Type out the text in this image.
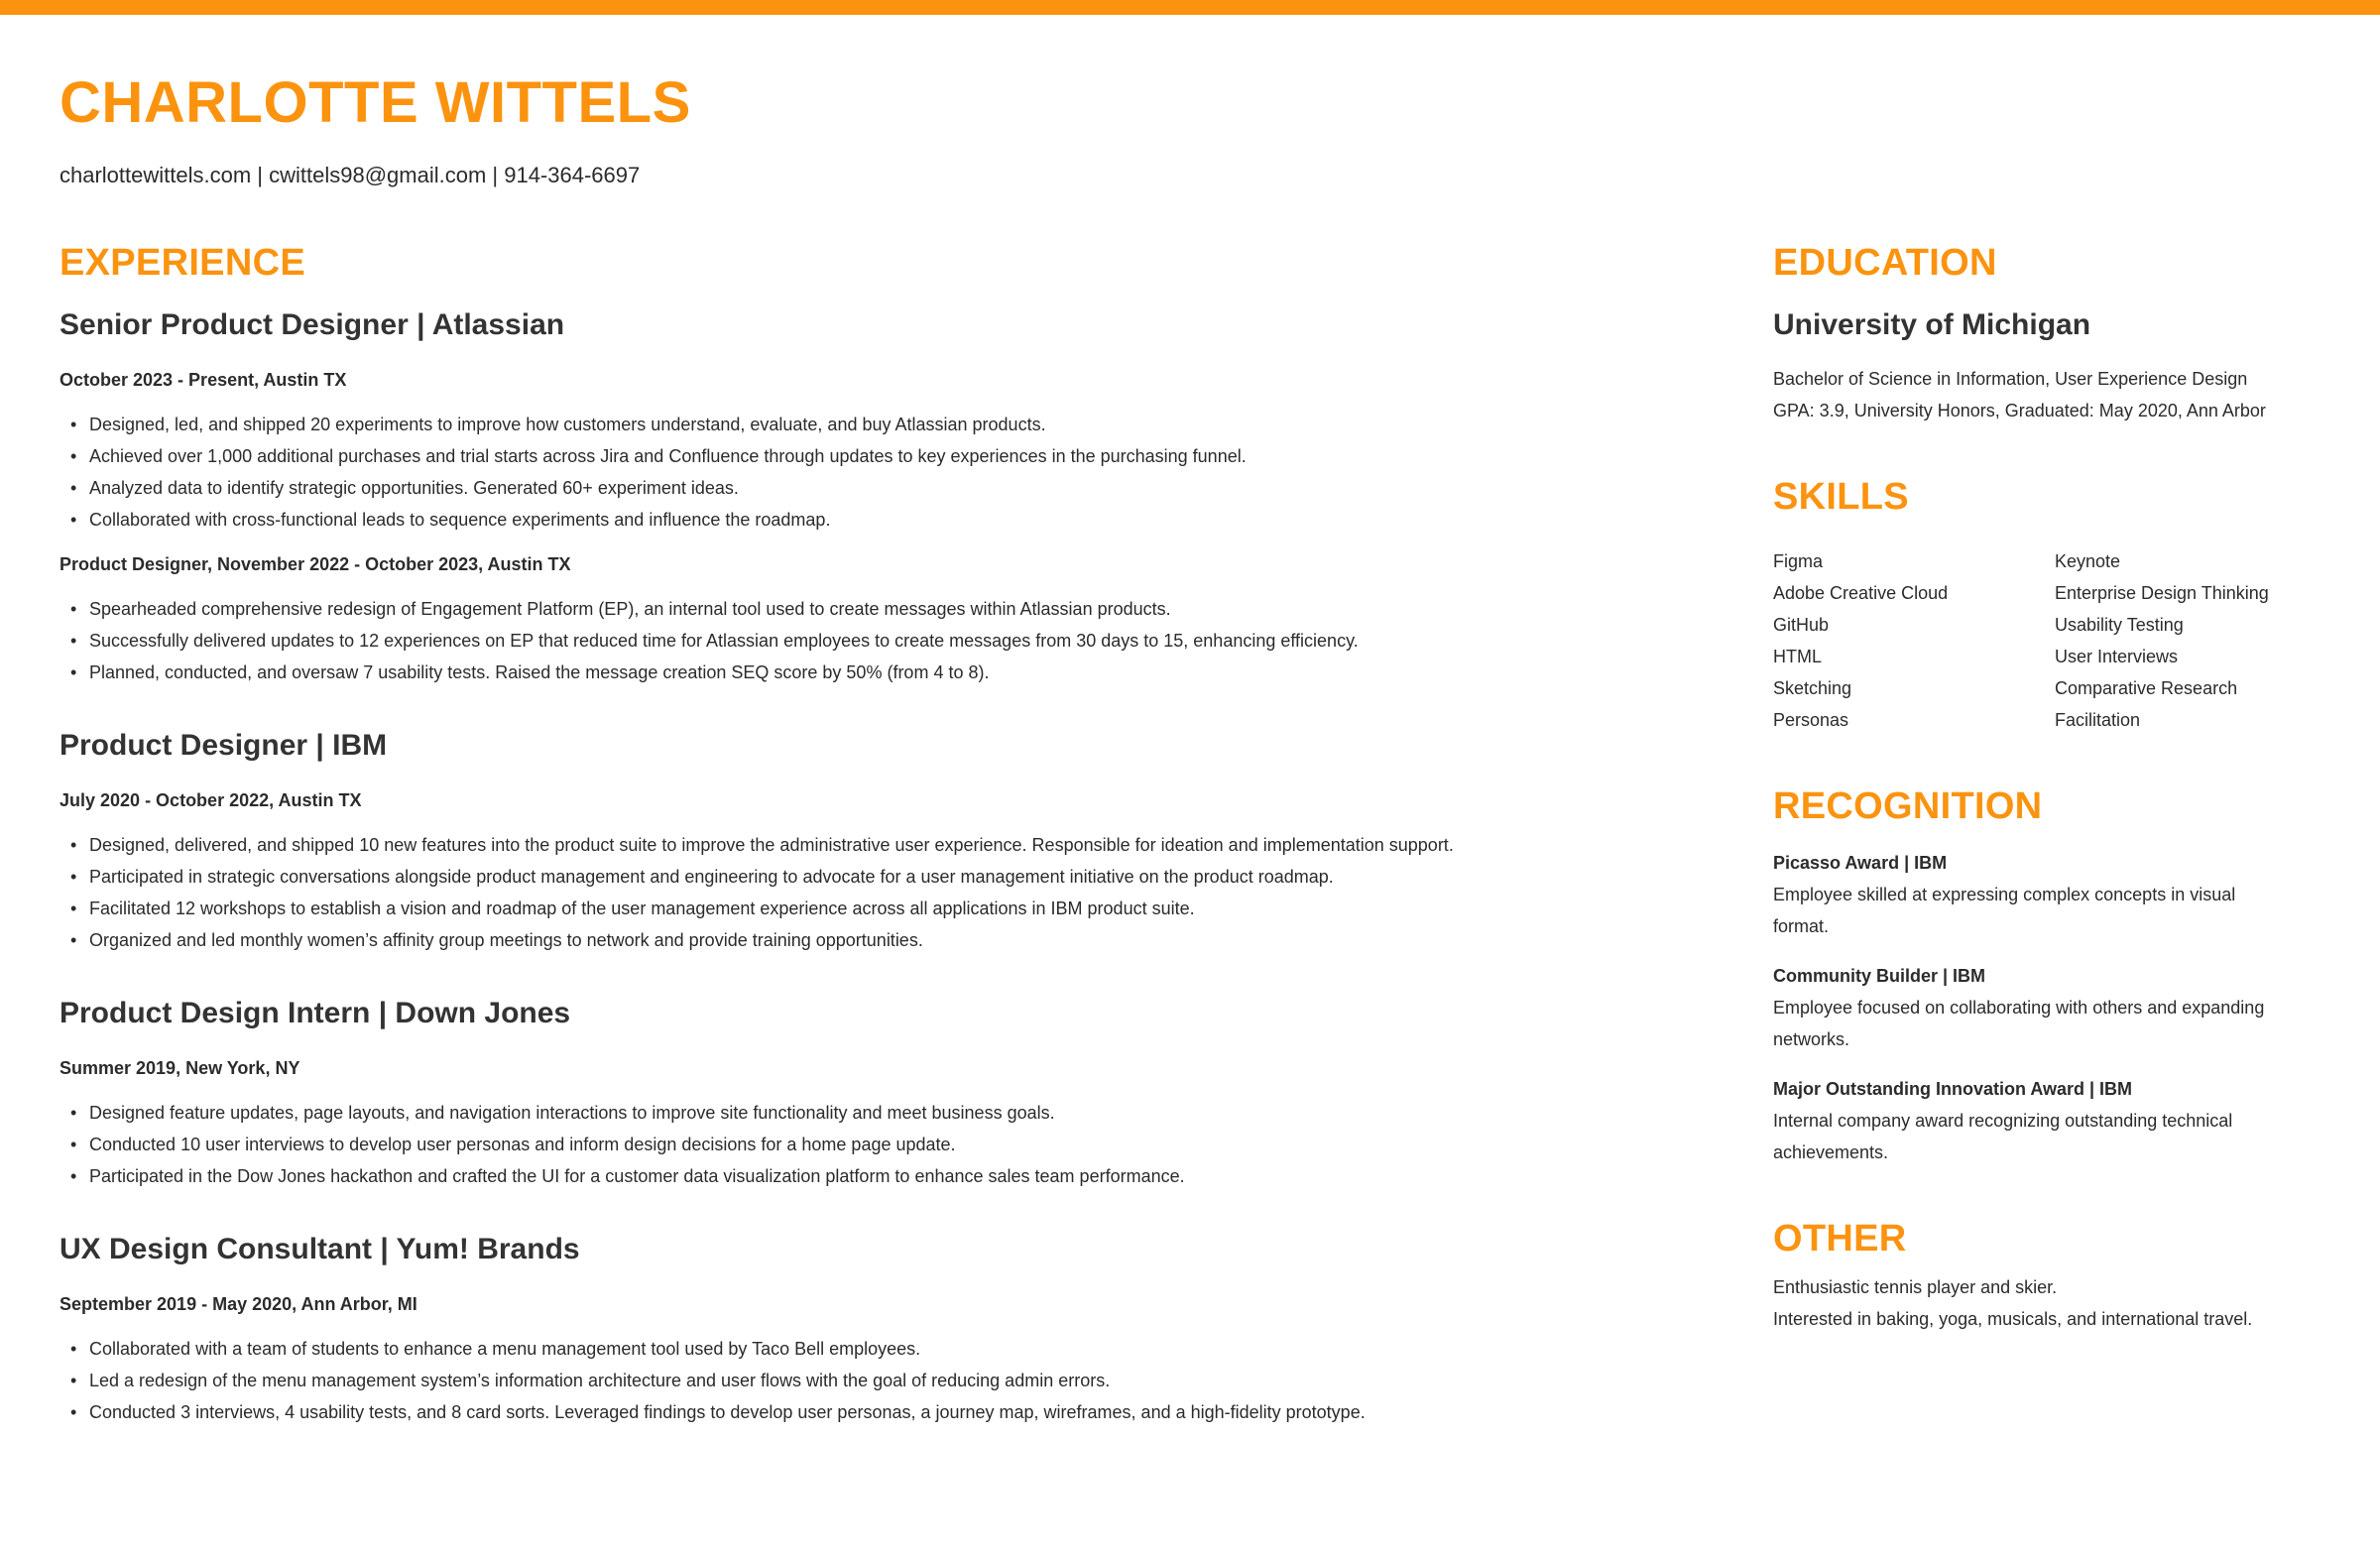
CHARLOTTE WITTELS
charlottewittels.com | cwittels98@gmail.com | 914-364-6697
EXPERIENCE
Senior Product Designer | Atlassian
October 2023 - Present, Austin TX
• Designed, led, and shipped 20 experiments to improve how customers understand, evaluate, and buy Atlassian products.
• Achieved over 1,000 additional purchases and trial starts across Jira and Confluence through updates to key experiences in the purchasing funnel.
• Analyzed data to identify strategic opportunities. Generated 60+ experiment ideas.
• Collaborated with cross-functional leads to sequence experiments and influence the roadmap.
Product Designer, November 2022 - October 2023, Austin TX
• Spearheaded comprehensive redesign of Engagement Platform (EP), an internal tool used to create messages within Atlassian products.
• Successfully delivered updates to 12 experiences on EP that reduced time for Atlassian employees to create messages from 30 days to 15, enhancing efficiency.
• Planned, conducted, and oversaw 7 usability tests. Raised the message creation SEQ score by 50% (from 4 to 8).
Product Designer | IBM
July 2020 - October 2022, Austin TX
• Designed, delivered, and shipped 10 new features into the product suite to improve the administrative user experience. Responsible for ideation and implementation support.
• Participated in strategic conversations alongside product management and engineering to advocate for a user management initiative on the product roadmap.
• Facilitated 12 workshops to establish a vision and roadmap of the user management experience across all applications in IBM product suite.
• Organized and led monthly women’s affinity group meetings to network and provide training opportunities.
Product Design Intern | Down Jones
Summer 2019, New York, NY
• Designed feature updates, page layouts, and navigation interactions to improve site functionality and meet business goals.
• Conducted 10 user interviews to develop user personas and inform design decisions for a home page update.
• Participated in the Dow Jones hackathon and crafted the UI for a customer data visualization platform to enhance sales team performance.
UX Design Consultant | Yum! Brands
September 2019 - May 2020, Ann Arbor, MI
• Collaborated with a team of students to enhance a menu management tool used by Taco Bell employees.
• Led a redesign of the menu management system’s information architecture and user flows with the goal of reducing admin errors.
• Conducted 3 interviews, 4 usability tests, and 8 card sorts. Leveraged findings to develop user personas, a journey map, wireframes, and a high-fidelity prototype.
EDUCATION
University of Michigan
Bachelor of Science in Information, User Experience Design
GPA: 3.9, University Honors, Graduated: May 2020, Ann Arbor
SKILLS
Figma	Keynote
Adobe Creative Cloud	Enterprise Design Thinking
GitHub	Usability Testing
HTML	User Interviews
Sketching	Comparative Research
Personas	Facilitation
RECOGNITION
Picasso Award | IBM
Employee skilled at expressing complex concepts in visual
format.
Community Builder | IBM
Employee focused on collaborating with others and expanding
networks.
Major Outstanding Innovation Award | IBM
Internal company award recognizing outstanding technical
achievements.
OTHER
Enthusiastic tennis player and skier.
Interested in baking, yoga, musicals, and international travel.
